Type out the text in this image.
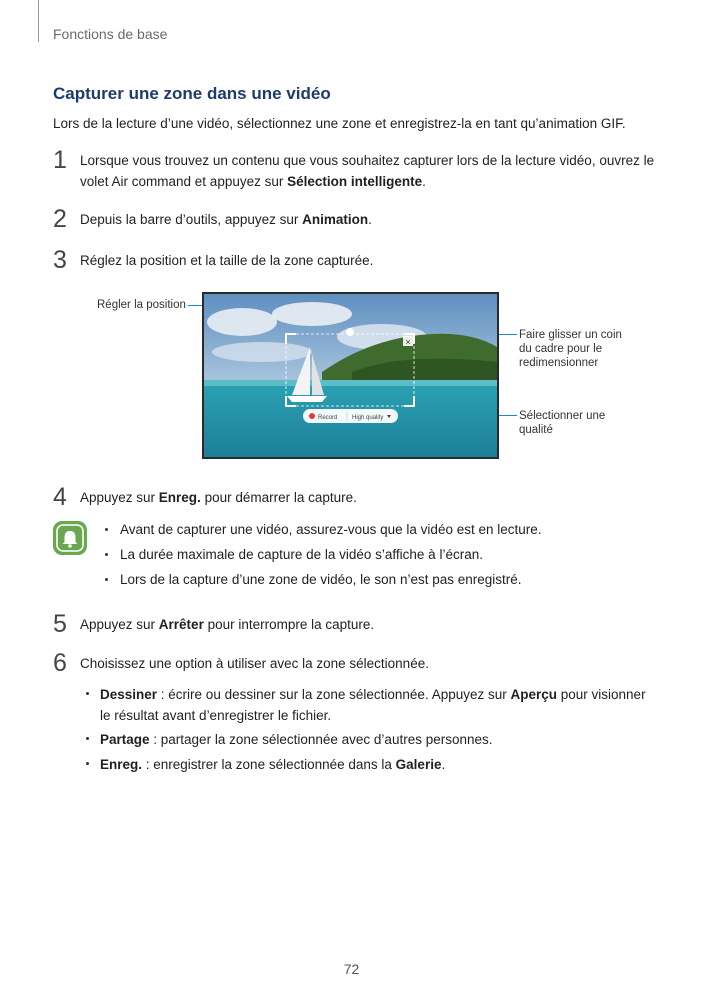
Fonctions de base
Capturer une zone dans une vidéo
Lors de la lecture d’une vidéo, sélectionnez une zone et enregistrez-la en tant qu’animation GIF.
1 Lorsque vous trouvez un contenu que vous souhaitez capturer lors de la lecture vidéo, ouvrez le volet Air command et appuyez sur Sélection intelligente.
2 Depuis la barre d’outils, appuyez sur Animation.
3 Réglez la position et la taille de la zone capturée.
Régler la position
Faire glisser un coin du cadre pour le redimensionner
Sélectionner une qualité
×
Record High quality
4 Appuyez sur Enreg. pour démarrer la capture.
Avant de capturer une vidéo, assurez-vous que la vidéo est en lecture.
La durée maximale de capture de la vidéo s’affiche à l’écran.
Lors de la capture d’une zone de vidéo, le son n’est pas enregistré.
5 Appuyez sur Arrêter pour interrompre la capture.
6 Choisissez une option à utiliser avec la zone sélectionnée.
Dessiner : écrire ou dessiner sur la zone sélectionnée. Appuyez sur Aperçu pour visionner le résultat avant d’enregistrer le fichier.
Partage : partager la zone sélectionnée avec d’autres personnes.
Enreg. : enregistrer la zone sélectionnée dans la Galerie.
72
